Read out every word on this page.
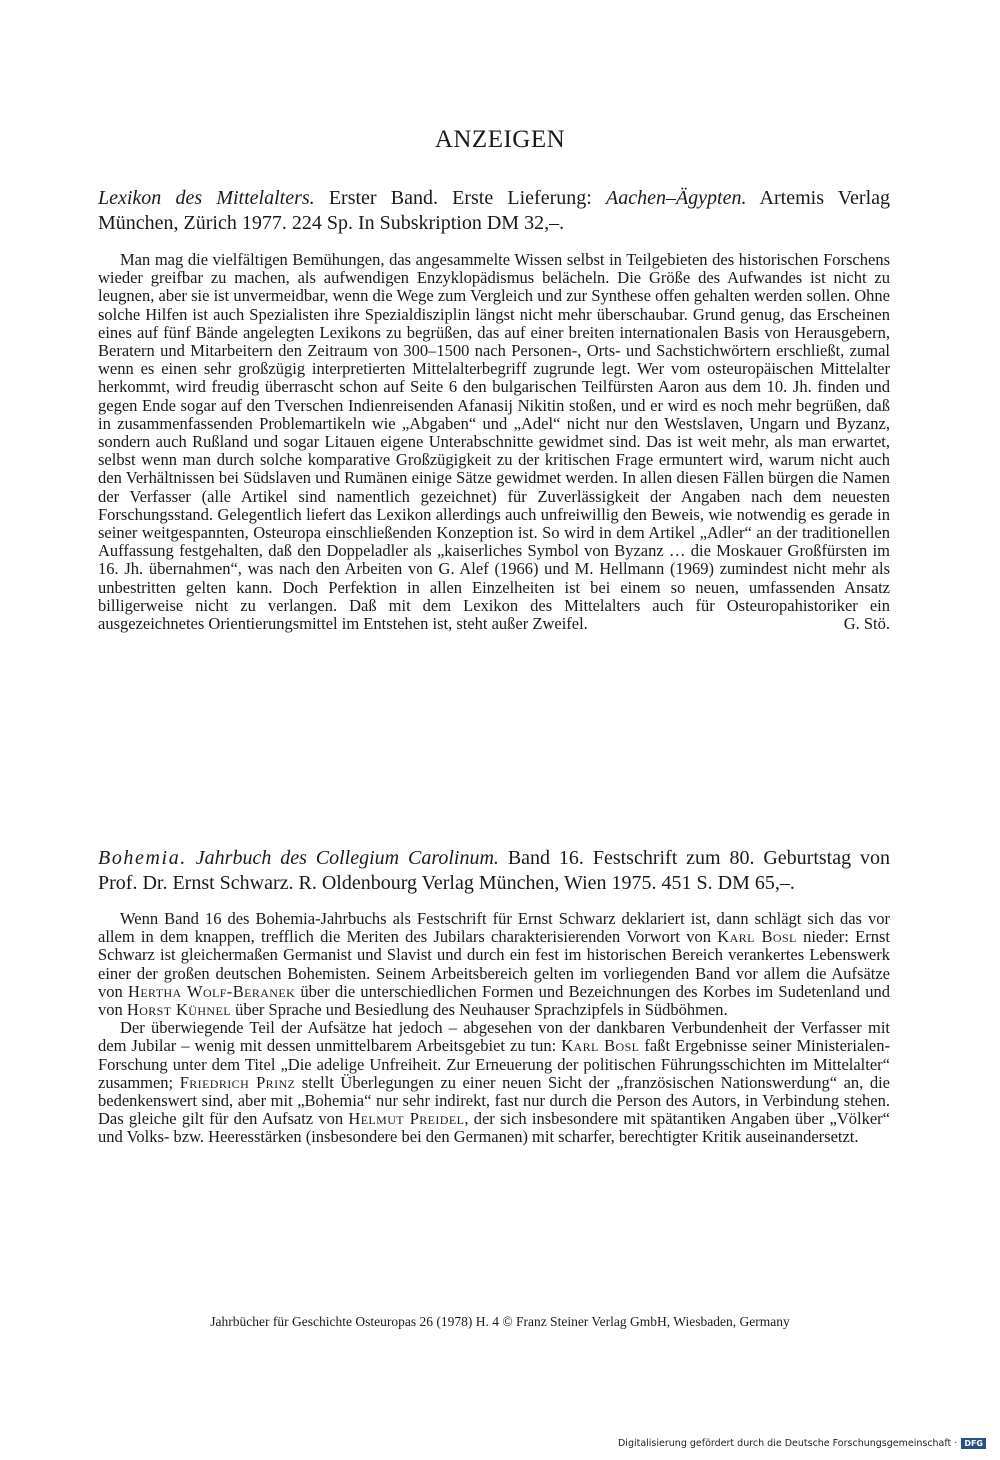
ANZEIGEN

Lexikon des Mittelalters. Erster Band. Erste Lieferung: Aachen–Ägypten. Artemis Verlag München, Zürich 1977. 224 Sp. In Subskription DM 32,–.

Man mag die vielfältigen Bemühungen, das angesammelte Wissen selbst in Teilgebieten des historischen Forschens wieder greifbar zu machen, als aufwendigen Enzyklopädismus belächeln. Die Größe des Aufwandes ist nicht zu leugnen, aber sie ist unvermeidbar, wenn die Wege zum Vergleich und zur Synthese offen gehalten werden sollen. Ohne solche Hilfen ist auch Spezialisten ihre Spezialdisziplin längst nicht mehr überschaubar. Grund genug, das Erscheinen eines auf fünf Bände angelegten Lexikons zu begrüßen, das auf einer breiten internationalen Basis von Herausgebern, Beratern und Mitarbeitern den Zeitraum von 300–1500 nach Personen-, Orts- und Sachstichwörtern erschließt, zumal wenn es einen sehr großzügig interpretierten Mittelalterbegriff zugrunde legt. Wer vom osteuropäischen Mittelalter herkommt, wird freudig überrascht schon auf Seite 6 den bulgarischen Teilfürsten Aaron aus dem 10. Jh. finden und gegen Ende sogar auf den Tverschen Indienreisenden Afanasij Nikitin stoßen, und er wird es noch mehr begrüßen, daß in zusammenfassenden Problemartikeln wie „Abgaben“ und „Adel“ nicht nur den Westslaven, Ungarn und Byzanz, sondern auch Rußland und sogar Litauen eigene Unterabschnitte gewidmet sind. Das ist weit mehr, als man erwartet, selbst wenn man durch solche komparative Großzügigkeit zu der kritischen Frage ermuntert wird, warum nicht auch den Verhältnissen bei Südslaven und Rumänen einige Sätze gewidmet werden. In allen diesen Fällen bürgen die Namen der Verfasser (alle Artikel sind namentlich gezeichnet) für Zuverlässigkeit der Angaben nach dem neuesten Forschungsstand. Gelegentlich liefert das Lexikon allerdings auch unfreiwillig den Beweis, wie notwendig es gerade in seiner weitgespannten, Osteuropa einschließenden Konzeption ist. So wird in dem Artikel „Adler“ an der traditionellen Auffassung festgehalten, daß den Doppeladler als „kaiserliches Symbol von Byzanz … die Moskauer Großfürsten im 16. Jh. übernahmen“, was nach den Arbeiten von G. Alef (1966) und M. Hellmann (1969) zumindest nicht mehr als unbestritten gelten kann. Doch Perfektion in allen Einzelheiten ist bei einem so neuen, umfassenden Ansatz billigerweise nicht zu verlangen. Daß mit dem Lexikon des Mittelalters auch für Osteuropahistoriker ein ausgezeichnetes Orientierungsmittel im Entstehen ist, steht außer Zweifel.	G. Stö.

Bohemia. Jahrbuch des Collegium Carolinum. Band 16. Festschrift zum 80. Geburtstag von Prof. Dr. Ernst Schwarz. R. Oldenbourg Verlag München, Wien 1975. 451 S. DM 65,–.

Wenn Band 16 des Bohemia-Jahrbuchs als Festschrift für Ernst Schwarz deklariert ist, dann schlägt sich das vor allem in dem knappen, trefflich die Meriten des Jubilars charakterisierenden Vorwort von Karl Bosl nieder: Ernst Schwarz ist gleichermaßen Germanist und Slavist und durch ein fest im historischen Bereich verankertes Lebenswerk einer der großen deutschen Bohemisten. Seinem Arbeitsbereich gelten im vorliegenden Band vor allem die Aufsätze von Hertha Wolf-Beranek über die unterschiedlichen Formen und Bezeichnungen des Korbes im Sudetenland und von Horst Kühnel über Sprache und Besiedlung des Neuhauser Sprachzipfels in Südböhmen.

Der überwiegende Teil der Aufsätze hat jedoch – abgesehen von der dankbaren Verbundenheit der Verfasser mit dem Jubilar – wenig mit dessen unmittelbarem Arbeitsgebiet zu tun: Karl Bosl faßt Ergebnisse seiner Ministerialen-Forschung unter dem Titel „Die adelige Unfreiheit. Zur Erneuerung der politischen Führungsschichten im Mittelalter“ zusammen; Friedrich Prinz stellt Überlegungen zu einer neuen Sicht der „französischen Nationswerdung“ an, die bedenkenswert sind, aber mit „Bohemia“ nur sehr indirekt, fast nur durch die Person des Autors, in Verbindung stehen. Das gleiche gilt für den Aufsatz von Helmut Preidel, der sich insbesondere mit spätantiken Angaben über „Völker“ und Volks- bzw. Heeresstärken (insbesondere bei den Germanen) mit scharfer, berechtigter Kritik auseinandersetzt.

Jahrbücher für Geschichte Osteuropas 26 (1978) H. 4 © Franz Steiner Verlag GmbH, Wiesbaden, Germany
Digitalisierung gefördert durch die Deutsche Forschungsgemeinschaft · DFG
